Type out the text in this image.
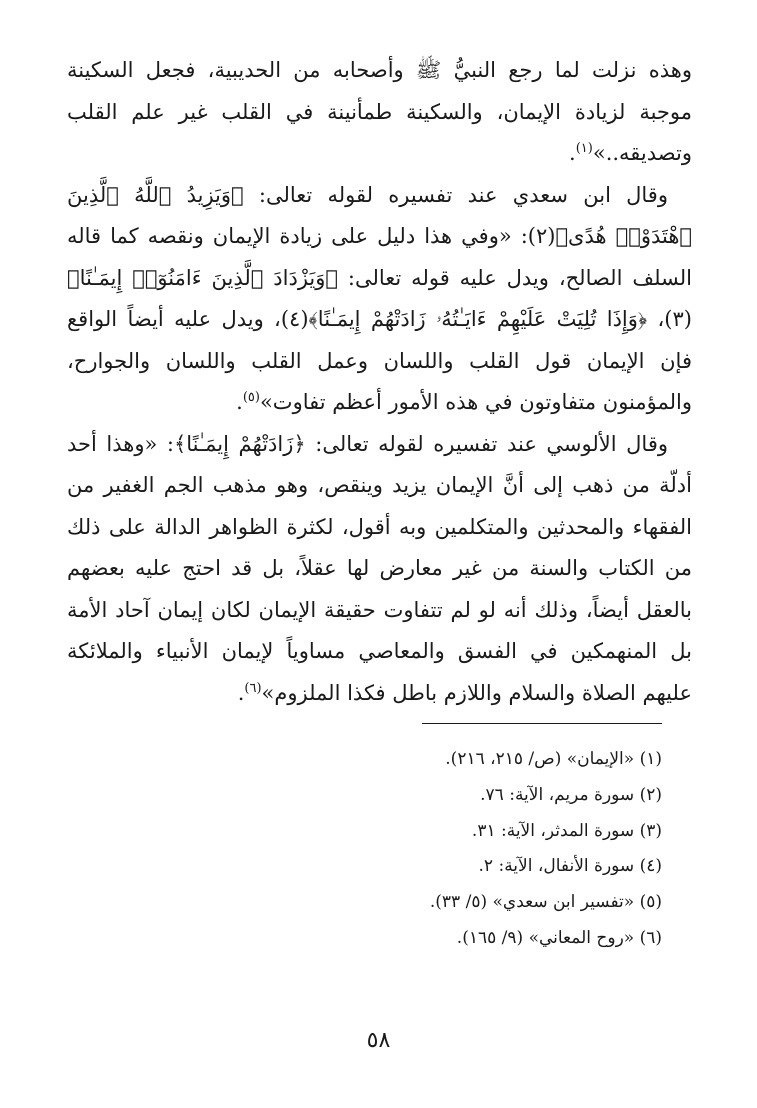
وهذه نزلت لما رجع النبيُّ ﷺ وأصحابه من الحديبية، فجعل السكينة موجبة لزيادة الإيمان، والسكينة طمأنينة في القلب غير علم القلب وتصديقه..»$^{(١)}$.

وقال ابن سعدي عند تفسيره لقوله تعالى: ﴿وَيَزِيدُ ٱللَّهُ ٱلَّذِينَ ٱهْتَدَوْا۟ هُدًى﴾(٢): «وفي هذا دليل على زيادة الإيمان ونقصه كما قاله السلف الصالح، ويدل عليه قوله تعالى: ﴿وَيَزْدَادَ ٱلَّذِينَ ءَامَنُوٓا۟ إِيمَـٰنًا﴾(٣)، ﴿وَإِذَا تُلِيَتْ عَلَيْهِمْ ءَايَـٰتُهُۥ زَادَتْهُمْ إِيمَـٰنًا﴾(٤)، ويدل عليه أيضاً الواقع فإن الإيمان قول القلب واللسان وعمل القلب واللسان والجوارح، والمؤمنون متفاوتون في هذه الأمور أعظم تفاوت»$^{(٥)}$.

وقال الألوسي عند تفسيره لقوله تعالى: ﴿زَادَتْهُمْ إِيمَـٰنًا﴾: «وهذا أحد أدلّة من ذهب إلى أنَّ الإيمان يزيد وينقص، وهو مذهب الجم الغفير من الفقهاء والمحدثين والمتكلمين وبه أقول، لكثرة الظواهر الدالة على ذلك من الكتاب والسنة من غير معارض لها عقلاً، بل قد احتج عليه بعضهم بالعقل أيضاً، وذلك أنه لو لم تتفاوت حقيقة الإيمان لكان إيمان آحاد الأمة بل المنهمكين في الفسق والمعاصي مساوياً لإيمان الأنبياء والملائكة عليهم الصلاة والسلام واللازم باطل فكذا الملزوم»$^{(٦)}$.

(١) «الإيمان» (ص/ ٢١٥، ٢١٦).
(٢) سورة مريم، الآية: ٧٦.
(٣) سورة المدثر، الآية: ٣١.
(٤) سورة الأنفال، الآية: ٢.
(٥) «تفسير ابن سعدي» (٥/ ٣٣).
(٦) «روح المعاني» (٩/ ١٦٥).
٥٨
